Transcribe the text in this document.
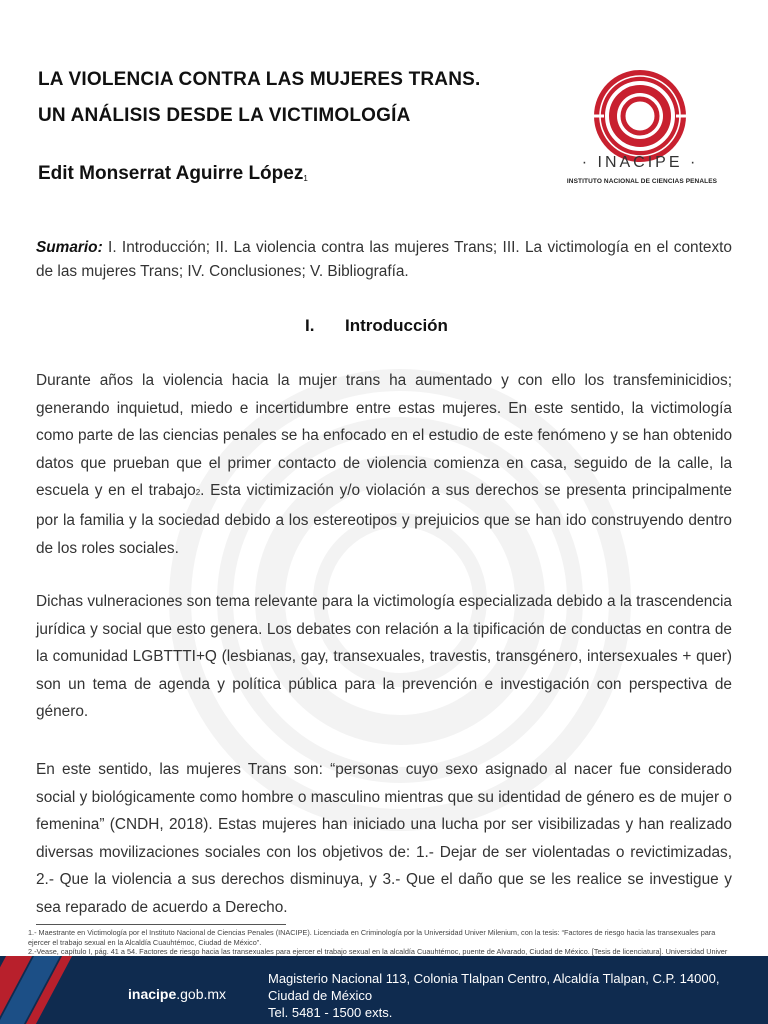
LA VIOLENCIA CONTRA LAS MUJERES TRANS.
UN ANÁLISIS DESDE LA VICTIMOLOGÍA
Edit Monserrat Aguirre López$^1$
· INACIPE ·
INSTITUTO NACIONAL DE CIENCIAS PENALES
Sumario: I. Introducción; II. La violencia contra las mujeres Trans; III. La victimología en el contexto de las mujeres Trans; IV. Conclusiones; V. Bibliografía.
I. Introducción
Durante años la violencia hacia la mujer trans ha aumentado y con ello los transfeminicidios; generando inquietud, miedo e incertidumbre entre estas mujeres. En este sentido, la victimología como parte de las ciencias penales se ha enfocado en el estudio de este fenómeno y se han obtenido datos que prueban que el primer contacto de violencia comienza en casa, seguido de la calle, la escuela y en el trabajo2. Esta victimización y/o violación a sus derechos se presenta principalmente por la familia y la sociedad debido a los estereotipos y prejuicios que se han ido construyendo dentro de los roles sociales.
Dichas vulneraciones son tema relevante para la victimología especializada debido a la trascendencia jurídica y social que esto genera. Los debates con relación a la tipificación de conductas en contra de la comunidad LGBTTTI+Q (lesbianas, gay, transexuales, travestis, transgénero, intersexuales + quer) son un tema de agenda y política pública para la prevención e investigación con perspectiva de género.
En este sentido, las mujeres Trans son: “personas cuyo sexo asignado al nacer fue considerado social y biológicamente como hombre o masculino mientras que su identidad de género es de mujer o femenina” (CNDH, 2018). Estas mujeres han iniciado una lucha por ser visibilizadas y han realizado diversas movilizaciones sociales con los objetivos de: 1.- Dejar de ser violentadas o revictimizadas, 2.- Que la violencia a sus derechos disminuya, y 3.- Que el daño que se les realice se investigue y sea reparado de acuerdo a Derecho.
1.- Maestrante en Victimología por el Instituto Nacional de Ciencias Penales (INACIPE). Licenciada en Criminología por la Universidad Univer Milenium, con la tesis: “Factores de riesgo hacia las transexuales para ejercer el trabajo sexual en la Alcaldía Cuauhtémoc, Ciudad de México”.
2.-Vease, capítulo I, pág. 41 a 54. Factores de riesgo hacia las transexuales para ejercer el trabajo sexual en la alcaldía Cuauhtémoc, puente de Alvarado, Ciudad de México. [Tesis de licenciatura]. Universidad Univer
inacipe.gob.mx
Magisterio Nacional 113, Colonia Tlalpan Centro, Alcaldía Tlalpan, C.P. 14000, Ciudad de México
Tel. 5481 - 1500 exts.
